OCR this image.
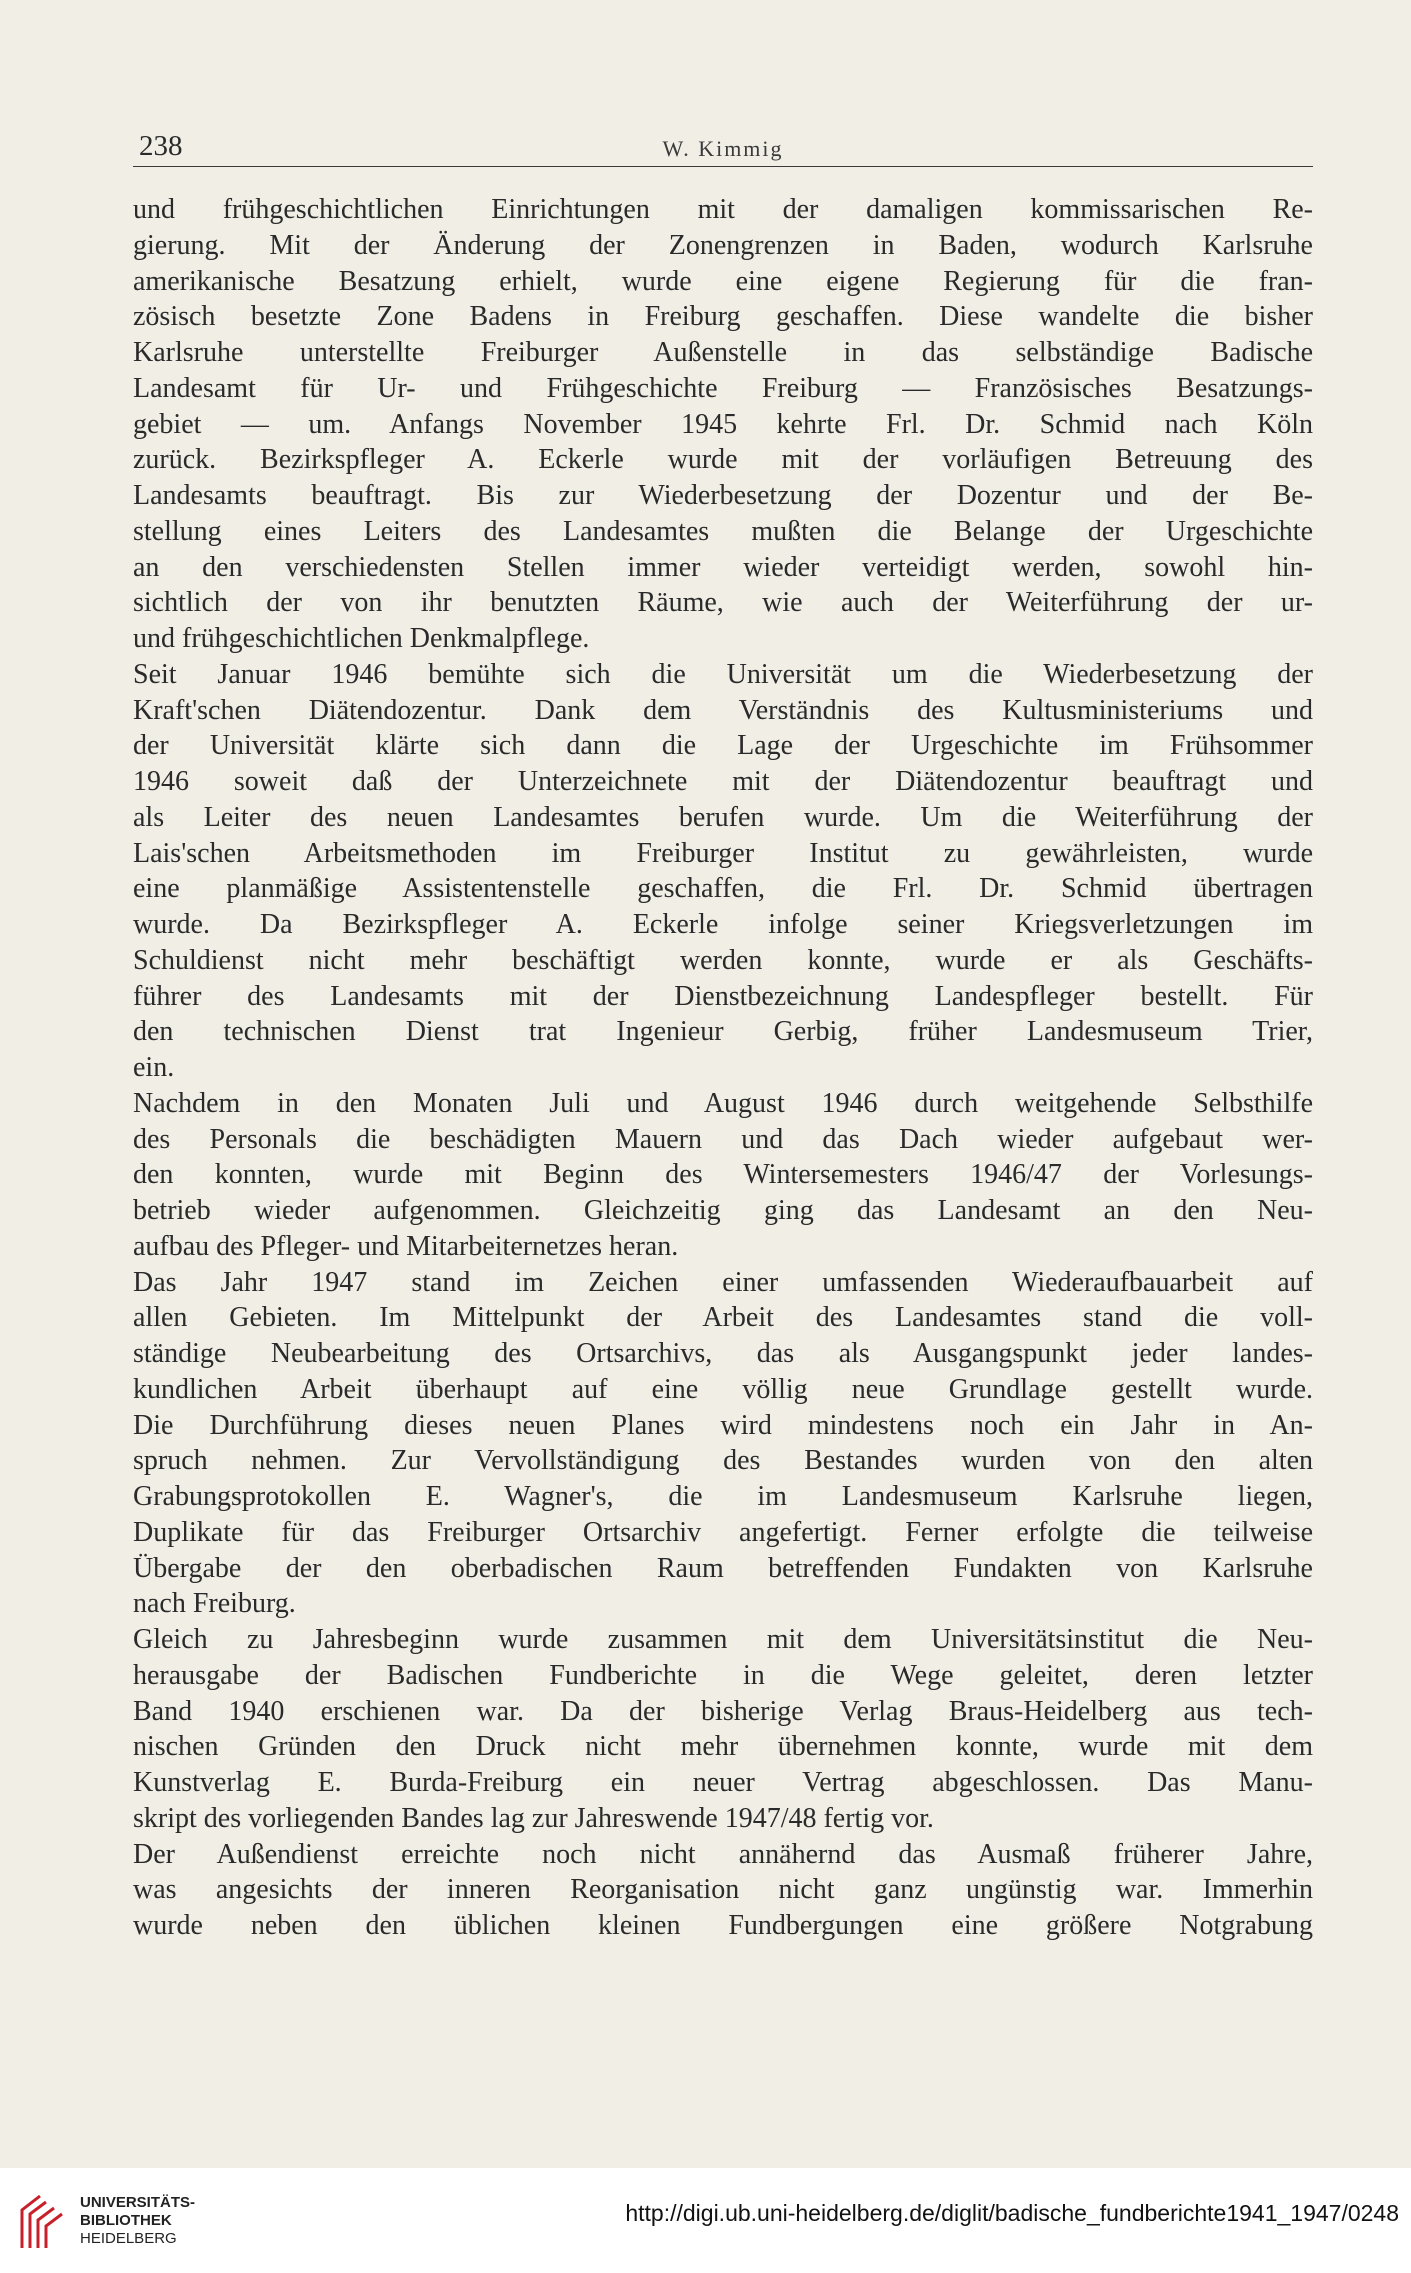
238	W. Kimmig
und frühgeschichtlichen Einrichtungen mit der damaligen kommissarischen Re-
gierung. Mit der Änderung der Zonengrenzen in Baden, wodurch Karlsruhe
amerikanische Besatzung erhielt, wurde eine eigene Regierung für die fran-
zösisch besetzte Zone Badens in Freiburg geschaffen. Diese wandelte die bisher
Karlsruhe unterstellte Freiburger Außenstelle in das selbständige Badische
Landesamt für Ur- und Frühgeschichte Freiburg — Französisches Besatzungs-
gebiet — um. Anfangs November 1945 kehrte Frl. Dr. Schmid nach Köln
zurück. Bezirkspfleger A. Eckerle wurde mit der vorläufigen Betreuung des
Landesamts beauftragt. Bis zur Wiederbesetzung der Dozentur und der Be-
stellung eines Leiters des Landesamtes mußten die Belange der Urgeschichte
an den verschiedensten Stellen immer wieder verteidigt werden, sowohl hin-
sichtlich der von ihr benutzten Räume, wie auch der Weiterführung der ur-
und frühgeschichtlichen Denkmalpflege.
Seit Januar 1946 bemühte sich die Universität um die Wiederbesetzung der
Kraft'schen Diätendozentur. Dank dem Verständnis des Kultusministeriums und
der Universität klärte sich dann die Lage der Urgeschichte im Frühsommer
1946 soweit daß der Unterzeichnete mit der Diätendozentur beauftragt und
als Leiter des neuen Landesamtes berufen wurde. Um die Weiterführung der
Lais'schen Arbeitsmethoden im Freiburger Institut zu gewährleisten, wurde
eine planmäßige Assistentenstelle geschaffen, die Frl. Dr. Schmid übertragen
wurde. Da Bezirkspfleger A. Eckerle infolge seiner Kriegsverletzungen im
Schuldienst nicht mehr beschäftigt werden konnte, wurde er als Geschäfts-
führer des Landesamts mit der Dienstbezeichnung Landespfleger bestellt. Für
den technischen Dienst trat Ingenieur Gerbig, früher Landesmuseum Trier,
ein.
Nachdem in den Monaten Juli und August 1946 durch weitgehende Selbsthilfe
des Personals die beschädigten Mauern und das Dach wieder aufgebaut wer-
den konnten, wurde mit Beginn des Wintersemesters 1946/47 der Vorlesungs-
betrieb wieder aufgenommen. Gleichzeitig ging das Landesamt an den Neu-
aufbau des Pfleger- und Mitarbeiternetzes heran.
Das Jahr 1947 stand im Zeichen einer umfassenden Wiederaufbauarbeit auf
allen Gebieten. Im Mittelpunkt der Arbeit des Landesamtes stand die voll-
ständige Neubearbeitung des Ortsarchivs, das als Ausgangspunkt jeder landes-
kundlichen Arbeit überhaupt auf eine völlig neue Grundlage gestellt wurde.
Die Durchführung dieses neuen Planes wird mindestens noch ein Jahr in An-
spruch nehmen. Zur Vervollständigung des Bestandes wurden von den alten
Grabungsprotokollen E. Wagner's, die im Landesmuseum Karlsruhe liegen,
Duplikate für das Freiburger Ortsarchiv angefertigt. Ferner erfolgte die teilweise
Übergabe der den oberbadischen Raum betreffenden Fundakten von Karlsruhe
nach Freiburg.
Gleich zu Jahresbeginn wurde zusammen mit dem Universitätsinstitut die Neu-
herausgabe der Badischen Fundberichte in die Wege geleitet, deren letzter
Band 1940 erschienen war. Da der bisherige Verlag Braus-Heidelberg aus tech-
nischen Gründen den Druck nicht mehr übernehmen konnte, wurde mit dem
Kunstverlag E. Burda-Freiburg ein neuer Vertrag abgeschlossen. Das Manu-
skript des vorliegenden Bandes lag zur Jahreswende 1947/48 fertig vor.
Der Außendienst erreichte noch nicht annähernd das Ausmaß früherer Jahre,
was angesichts der inneren Reorganisation nicht ganz ungünstig war. Immerhin
wurde neben den üblichen kleinen Fundbergungen eine größere Notgrabung
UNIVERSITÄTS-
BIBLIOTHEK
HEIDELBERG
http://digi.ub.uni-heidelberg.de/diglit/badische_fundberichte1941_1947/0248
